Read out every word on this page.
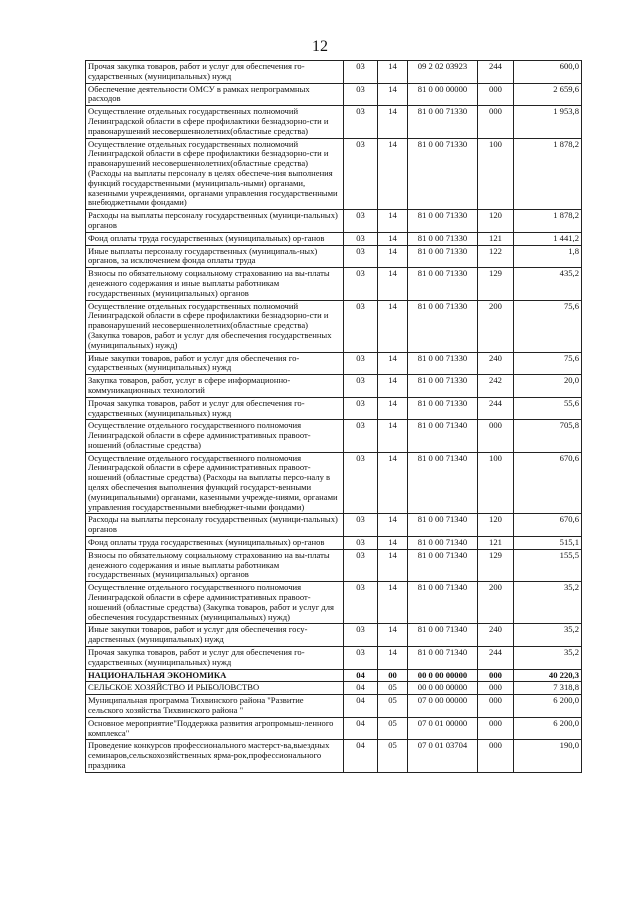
12
Прочая закупка товаров, работ и услуг для обеспечения го-сударственных (муниципальных) нужд	03	14	09 2 02 03923	244	600,0
Обеспечение деятельности ОМСУ в рамках непрограммных расходов	03	14	81 0 00 00000	000	2 659,6
Осуществление отдельных государственных полномочий Ленинградской области в сфере профилактики безнадзорно-сти и правонарушений несовершеннолетних(областные средства)	03	14	81 0 00 71330	000	1 953,8
Осуществление отдельных государственных полномочий Ленинградской области в сфере профилактики безнадзорно-сти и правонарушений несовершеннолетних(областные средства) (Расходы на выплаты персоналу в целях обеспече-ния выполнения функций государственными (муниципаль-ными) органами, казенными учреждениями, органами управления государственными внебюджетными фондами)	03	14	81 0 00 71330	100	1 878,2
Расходы на выплаты персоналу государственных (муници-пальных) органов	03	14	81 0 00 71330	120	1 878,2
Фонд оплаты труда государственных (муниципальных) ор-ганов	03	14	81 0 00 71330	121	1 441,2
Иные выплаты персоналу государственных (муниципаль-ных) органов, за исключением фонда оплаты труда	03	14	81 0 00 71330	122	1,8
Взносы по обязательному социальному страхованию на вы-платы денежного содержания и иные выплаты работникам государственных (муниципальных) органов	03	14	81 0 00 71330	129	435,2
Осуществление отдельных государственных полномочий Ленинградской области в сфере профилактики безнадзорно-сти и правонарушений несовершеннолетних(областные средства) (Закупка товаров, работ и услуг для обеспечения государственных (муниципальных) нужд)	03	14	81 0 00 71330	200	75,6
Иные закупки товаров, работ и услуг для обеспечения го-сударственных (муниципальных) нужд	03	14	81 0 00 71330	240	75,6
Закупка товаров, работ, услуг в сфере информационно-коммуникационных технологий	03	14	81 0 00 71330	242	20,0
Прочая закупка товаров, работ и услуг для обеспечения го-сударственных (муниципальных) нужд	03	14	81 0 00 71330	244	55,6
Осуществление отдельного государственного полномочия Ленинградской области в сфере административных правоот-ношений (областные средства)	03	14	81 0 00 71340	000	705,8
Осуществление отдельного государственного полномочия Ленинградской области в сфере административных правоот-ношений (областные средства) (Расходы на выплаты персо-налу в целях обеспечения выполнения функций государст-венными (муниципальными) органами, казенными учрежде-ниями, органами управления государственными внебюджет-ными фондами)	03	14	81 0 00 71340	100	670,6
Расходы на выплаты персоналу государственных (муници-пальных) органов	03	14	81 0 00 71340	120	670,6
Фонд оплаты труда государственных (муниципальных) ор-ганов	03	14	81 0 00 71340	121	515,1
Взносы по обязательному социальному страхованию на вы-платы денежного содержания и иные выплаты работникам государственных (муниципальных) органов	03	14	81 0 00 71340	129	155,5
Осуществление отдельного государственного полномочия Ленинградской области в сфере административных правоот-ношений (областные средства) (Закупка товаров, работ и услуг для обеспечения государственных (муниципальных) нужд)	03	14	81 0 00 71340	200	35,2
Иные закупки товаров, работ и услуг для обеспечения госу-дарственных (муниципальных) нужд	03	14	81 0 00 71340	240	35,2
Прочая закупка товаров, работ и услуг для обеспечения го-сударственных (муниципальных) нужд	03	14	81 0 00 71340	244	35,2
НАЦИОНАЛЬНАЯ ЭКОНОМИКА	04	00	00 0 00 00000	000	40 220,3
СЕЛЬСКОЕ ХОЗЯЙСТВО И РЫБОЛОВСТВО	04	05	00 0 00 00000	000	7 318,8
Муниципальная программа Тихвинского района "Развитие сельского хозяйства Тихвинского района "	04	05	07 0 00 00000	000	6 200,0
Основное мероприятие"Поддержка развития агропромыш-ленного комплекса"	04	05	07 0 01 00000	000	6 200,0
Проведение конкурсов профессионального мастерст-ва,выездных семинаров,сельскохозяйственных ярма-рок,профессионального праздника	04	05	07 0 01 03704	000	190,0
